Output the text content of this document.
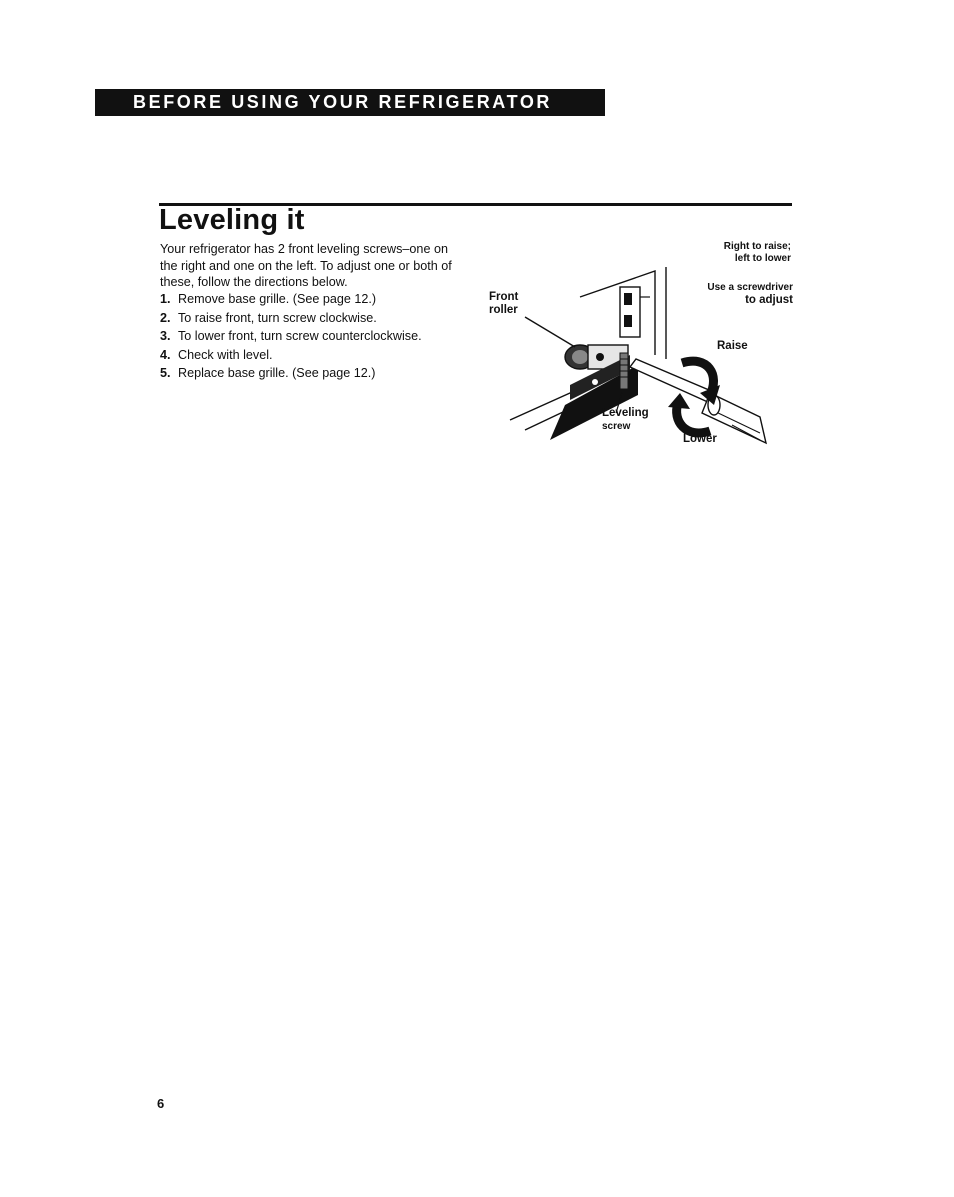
BEFORE USING YOUR REFRIGERATOR
Leveling it

Your refrigerator has 2 front leveling screws–one on the right and one on the left. To adjust one or both of these, follow the directions below.

1. Remove base grille. (See page 12.)
2. To raise front, turn screw clockwise.
3. To lower front, turn screw counterclockwise.
4. Check with level.
5. Replace base grille. (See page 12.)
Right to raise;
left to lower
Use a screwdriver
to adjust
Front
roller
Raise
Leveling
screw
Lower
6
